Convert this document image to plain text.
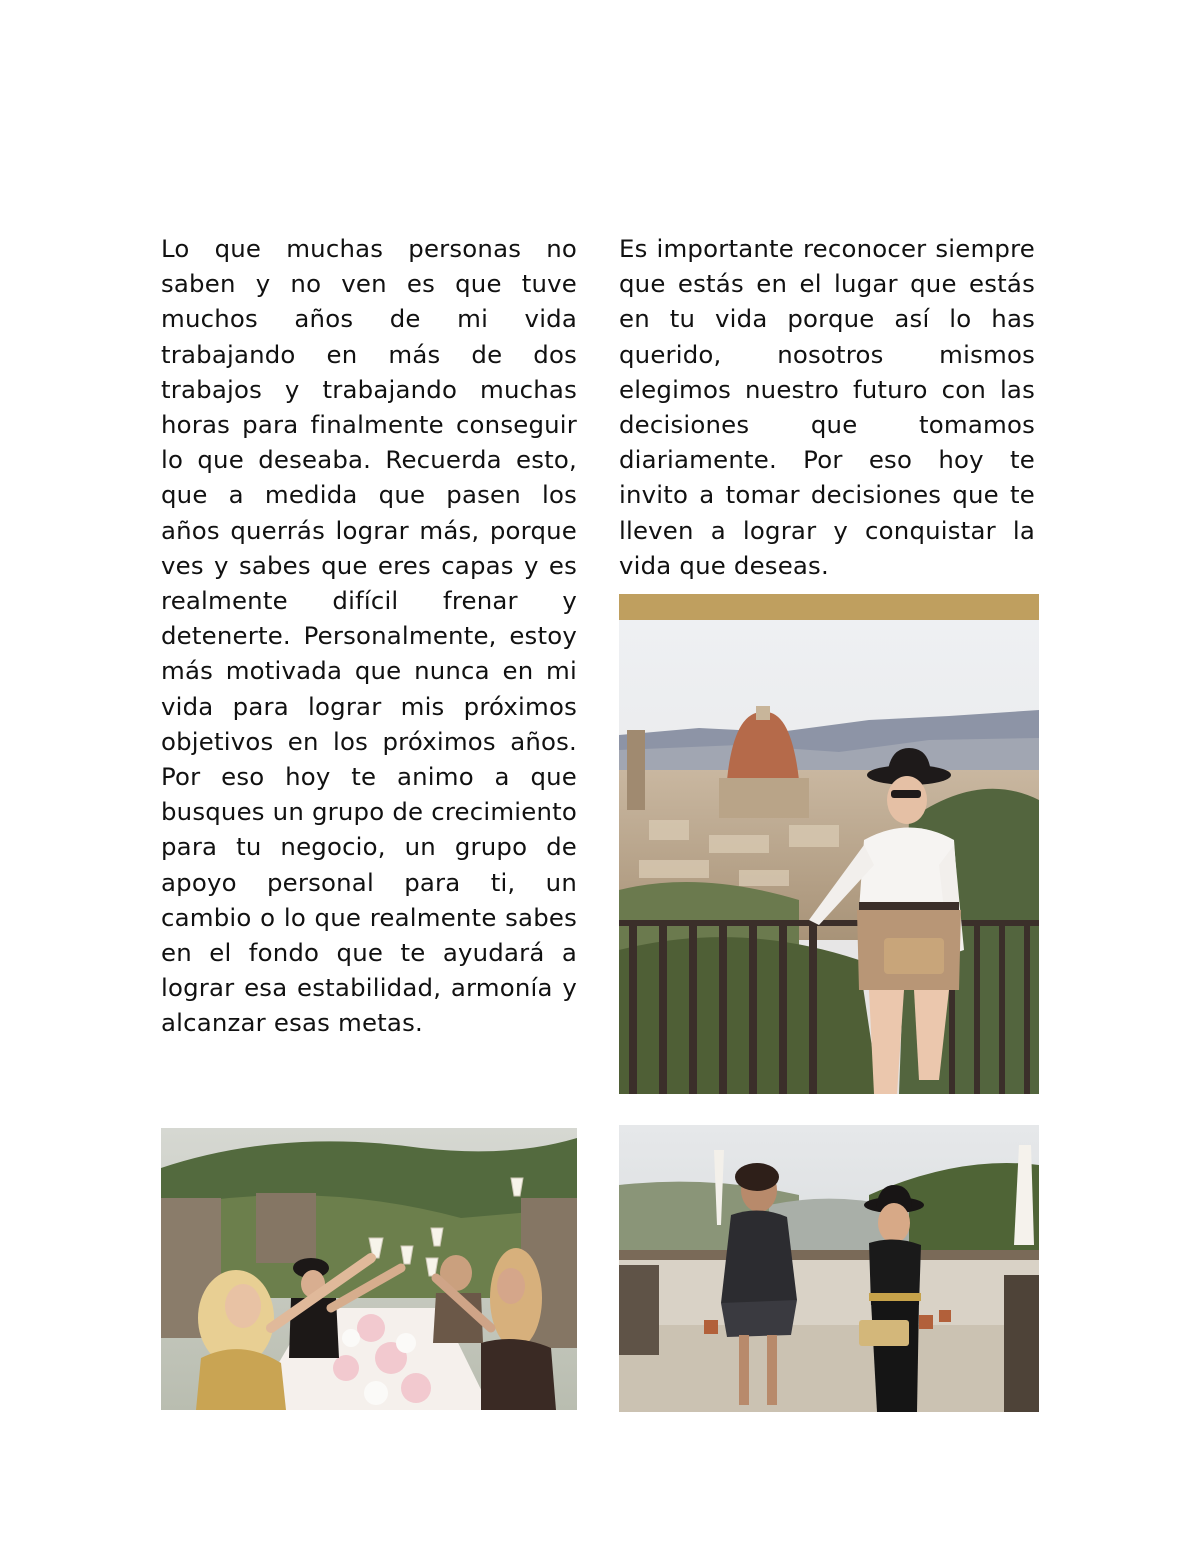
Lo que muchas personas no saben y no ven es que tuve muchos años de mi vida trabajando en más de dos trabajos y trabajando muchas horas para finalmente conseguir lo que deseaba. Recuerda esto, que a medida que pasen los años querrás lograr más, porque ves y sabes que eres capas y es realmente difícil frenar y detenerte. Personalmente, estoy más motivada que nunca en mi vida para lograr mis próximos objetivos en los próximos años. Por eso hoy te animo a que busques un grupo de crecimiento para tu negocio, un grupo de apoyo personal para ti, un cambio o lo que realmente sabes en el fondo que te ayudará a lograr esa estabilidad, armonía y alcanzar esas metas.

Es importante reconocer siempre que estás en el lugar que estás en tu vida porque así lo has querido, nosotros mismos elegimos nuestro futuro con las decisiones que tomamos diariamente. Por eso hoy te invito a tomar decisiones que te lleven a lograr y conquistar la vida que deseas.
